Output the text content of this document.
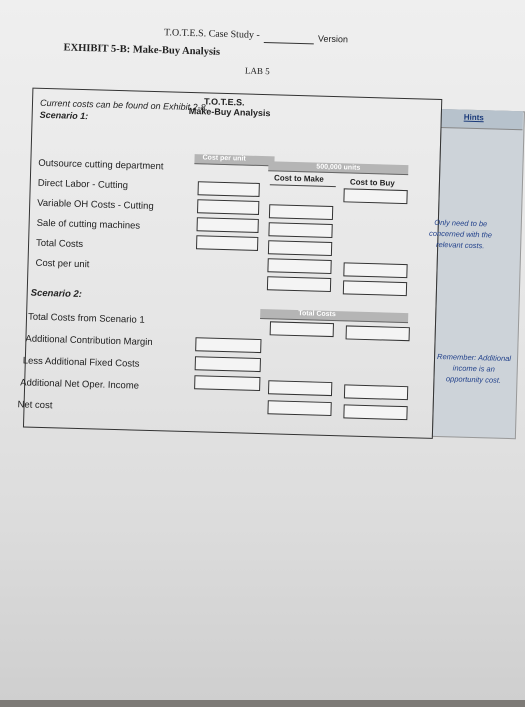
T.O.T.E.S. Case Study -	Version
EXHIBIT 5-B: Make-Buy Analysis
LAB 5
Hints
T.O.T.E.S.
Make-Buy Analysis
Current costs can be found on Exhibit 2-8.
Scenario 1:
Cost per unit
500,000 units
Cost to Make	Cost to Buy
Outsource cutting department
Direct Labor - Cutting
Variable OH Costs - Cutting
Sale of cutting machines
Total Costs
Cost per unit
Scenario 2:
Total Costs
Total Costs from Scenario 1
Additional Contribution Margin
Less Additional Fixed Costs
Additional Net Oper. Income
Net cost
Only need to be concerned with the relevant costs.
Remember: Additional income is an opportunity cost.
